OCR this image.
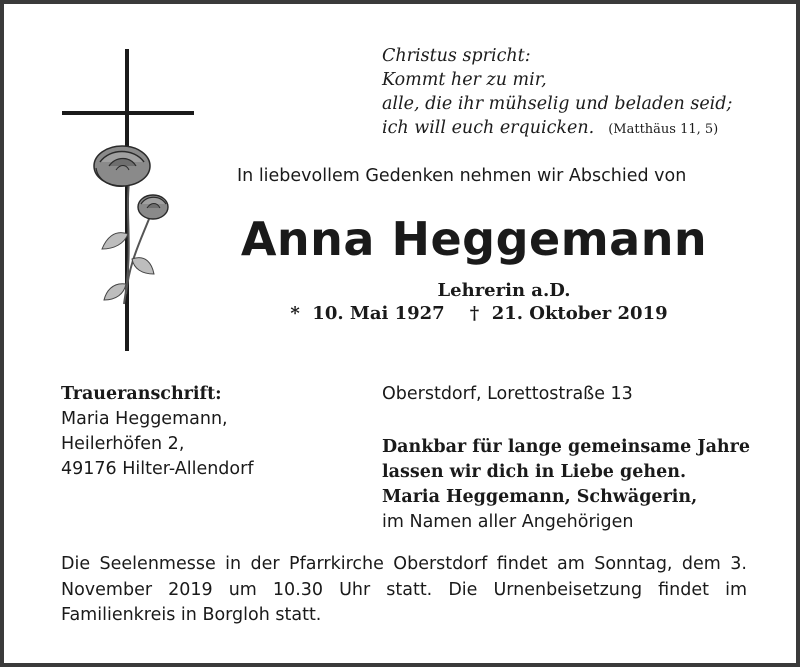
Christus spricht:
Kommt her zu mir,
alle, die ihr mühselig und beladen seid;
ich will euch erquicken. (Matthäus 11, 5)
In liebevollem Gedenken nehmen wir Abschied von
Anna Heggemann
Lehrerin a.D.
*  10. Mai 1927    †  21. Oktober 2019
Traueranschrift:
Maria Heggemann,
Heilerhöfen 2,
49176 Hilter-Allendorf
Oberstdorf, Lorettostraße 13
Dankbar für lange gemeinsame Jahre
lassen wir dich in Liebe gehen.
Maria Heggemann, Schwägerin,
im Namen aller Angehörigen
Die Seelenmesse in der Pfarrkirche Oberstdorf findet am Sonntag, dem 3. November 2019 um 10.30 Uhr statt. Die Urnenbeisetzung findet im Familienkreis in Borgloh statt.
